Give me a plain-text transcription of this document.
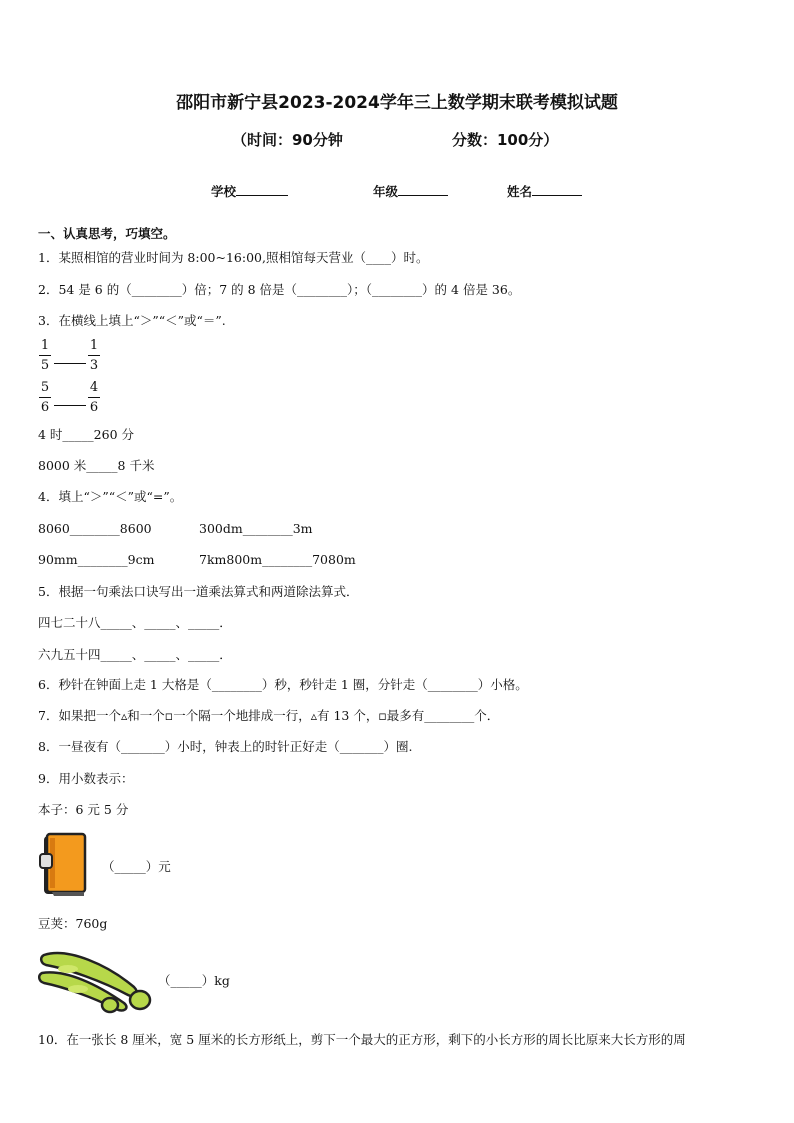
邵阳市新宁县2023-2024学年三上数学期末联考模拟试题
（时间：90分钟	分数：100分）
学校	年级	姓名
一、认真思考，巧填空。
1．某照相馆的营业时间为 8:00~16:00,照相馆每天营业（____）时。
2．54 是 6 的（________）倍；7 的 8 倍是（________）；（________）的 4 倍是 36。
3．在横线上填上“＞”“＜”或“＝”.
1
5
1
3
5
6
4
6
4 时_____260 分
8000 米_____8 千米
4．填上“＞”“＜”或“=”。
8060________8600	300dm________3m
90mm________9cm	7km800m________7080m
5．根据一句乘法口诀写出一道乘法算式和两道除法算式．
四七二十八_____、_____、_____．
六九五十四_____、_____、_____．
6．秒针在钟面上走 1 大格是（________）秒，秒针走 1 圈，分针走（________）小格。
7．如果把一个▵和一个▫一个隔一个地排成一行，▵有 13 个，▫最多有________个．
8．一昼夜有（_______）小时，钟表上的时针正好走（_______）圈.
9．用小数表示：
本子：6 元 5 分
（_____）元
豆荚：760g
（_____）kg
10．在一张长 8 厘米，宽 5 厘米的长方形纸上，剪下一个最大的正方形，剩下的小长方形的周长比原来大长方形的周
